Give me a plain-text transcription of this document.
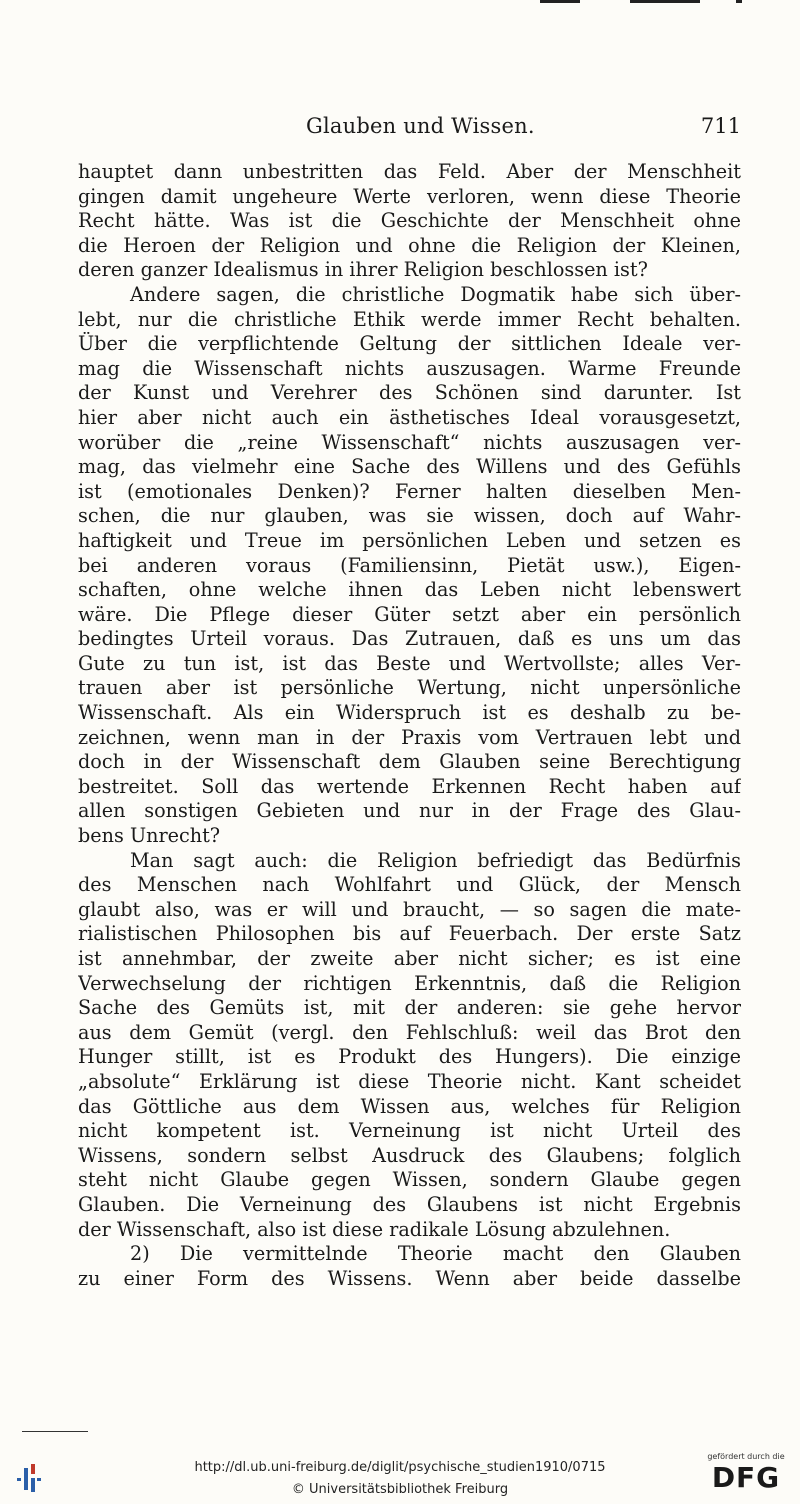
Glauben und Wissen.	711
hauptet dann unbestritten das Feld. Aber der Menschheit
gingen damit ungeheure Werte verloren, wenn diese Theorie
Recht hätte. Was ist die Geschichte der Menschheit ohne
die Heroen der Religion und ohne die Religion der Kleinen,
deren ganzer Idealismus in ihrer Religion beschlossen ist?
Andere sagen, die christliche Dogmatik habe sich über-
lebt, nur die christliche Ethik werde immer Recht behalten.
Über die verpflichtende Geltung der sittlichen Ideale ver-
mag die Wissenschaft nichts auszusagen. Warme Freunde
der Kunst und Verehrer des Schönen sind darunter. Ist
hier aber nicht auch ein ästhetisches Ideal vorausgesetzt,
worüber die „reine Wissenschaft“ nichts auszusagen ver-
mag, das vielmehr eine Sache des Willens und des Gefühls
ist (emotionales Denken)? Ferner halten dieselben Men-
schen, die nur glauben, was sie wissen, doch auf Wahr-
haftigkeit und Treue im persönlichen Leben und setzen es
bei anderen voraus (Familiensinn, Pietät usw.), Eigen-
schaften, ohne welche ihnen das Leben nicht lebenswert
wäre. Die Pflege dieser Güter setzt aber ein persönlich
bedingtes Urteil voraus. Das Zutrauen, daß es uns um das
Gute zu tun ist, ist das Beste und Wertvollste; alles Ver-
trauen aber ist persönliche Wertung, nicht unpersönliche
Wissenschaft. Als ein Widerspruch ist es deshalb zu be-
zeichnen, wenn man in der Praxis vom Vertrauen lebt und
doch in der Wissenschaft dem Glauben seine Berechtigung
bestreitet. Soll das wertende Erkennen Recht haben auf
allen sonstigen Gebieten und nur in der Frage des Glau-
bens Unrecht?
Man sagt auch: die Religion befriedigt das Bedürfnis
des Menschen nach Wohlfahrt und Glück, der Mensch
glaubt also, was er will und braucht, — so sagen die mate-
rialistischen Philosophen bis auf Feuerbach. Der erste Satz
ist annehmbar, der zweite aber nicht sicher; es ist eine
Verwechselung der richtigen Erkenntnis, daß die Religion
Sache des Gemüts ist, mit der anderen: sie gehe hervor
aus dem Gemüt (vergl. den Fehlschluß: weil das Brot den
Hunger stillt, ist es Produkt des Hungers). Die einzige
„absolute“ Erklärung ist diese Theorie nicht. Kant scheidet
das Göttliche aus dem Wissen aus, welches für Religion
nicht kompetent ist. Verneinung ist nicht Urteil des
Wissens, sondern selbst Ausdruck des Glaubens; folglich
steht nicht Glaube gegen Wissen, sondern Glaube gegen
Glauben. Die Verneinung des Glaubens ist nicht Ergebnis
der Wissenschaft, also ist diese radikale Lösung abzulehnen.
2) Die vermittelnde Theorie macht den Glauben
zu einer Form des Wissens. Wenn aber beide dasselbe
http://dl.ub.uni-freiburg.de/diglit/psychische_studien1910/0715
© Universitätsbibliothek Freiburg
gefördert durch die
DFG
